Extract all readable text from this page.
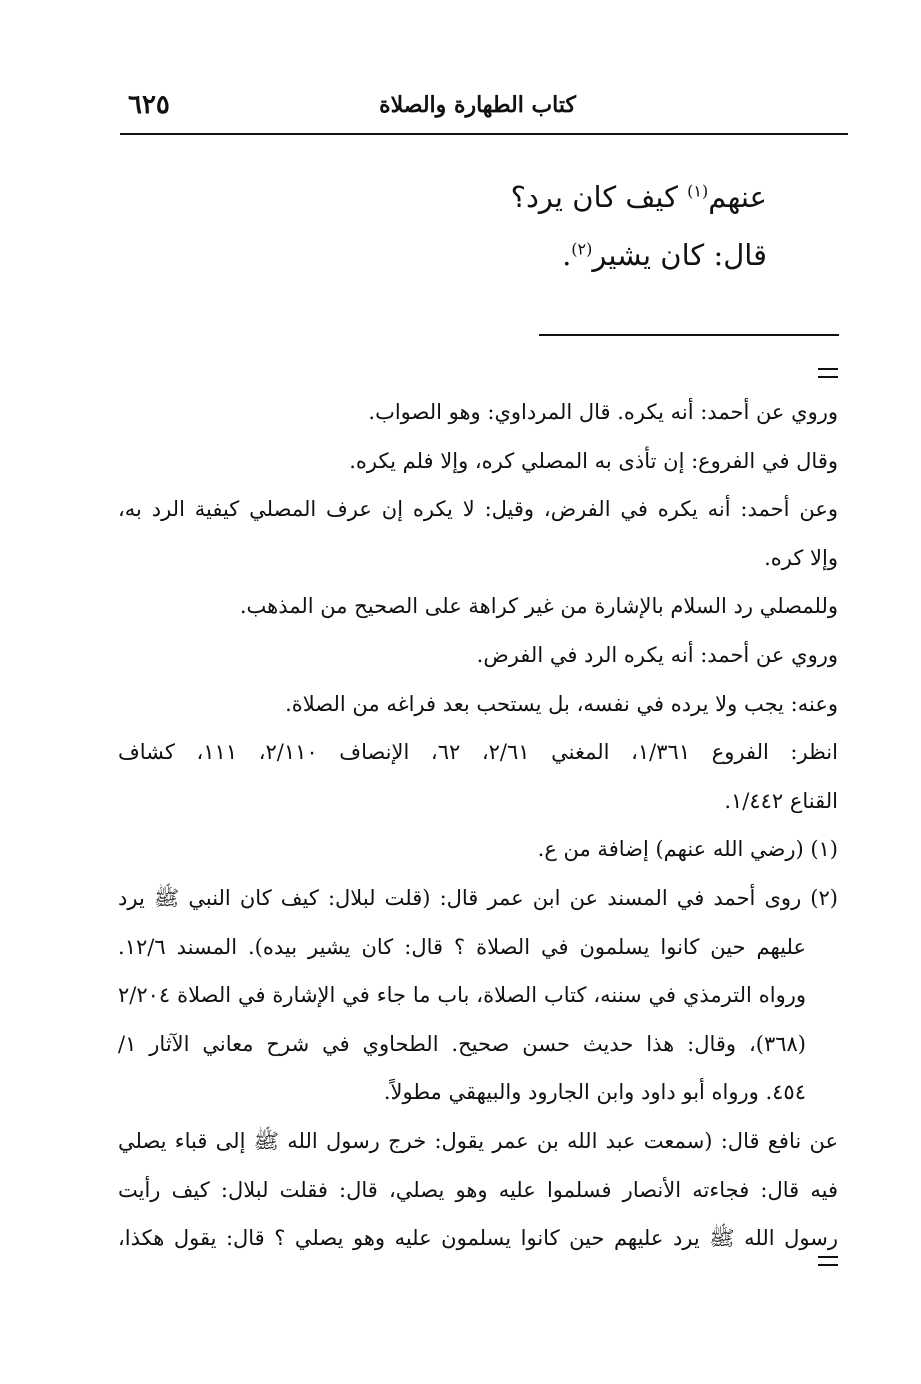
٦٢٥	كتاب الطهارة والصلاة
عنهم$^{(١)}$ كيف كان يرد؟
قال: كان يشير$^{(٢)}$.
وروي عن أحمد: أنه يكره. قال المرداوي: وهو الصواب.
وقال في الفروع: إن تأذى به المصلي كره، وإلا فلم يكره.
وعن أحمد: أنه يكره في الفرض، وقيل: لا يكره إن عرف المصلي كيفية الرد به،
وإلا كره.
وللمصلي رد السلام بالإشارة من غير كراهة على الصحيح من المذهب.
وروي عن أحمد: أنه يكره الرد في الفرض.
وعنه: يجب ولا يرده في نفسه، بل يستحب بعد فراغه من الصلاة.
انظر: الفروع ١/٣٦١، المغني ٢/٦١، ٦٢، الإنصاف ٢/١١٠، ١١١، كشاف
القناع ١/٤٤٢.
(١) (رضي الله عنهم) إضافة من ع.
(٢) روى أحمد في المسند عن ابن عمر قال: (قلت لبلال: كيف كان النبي ﷺ يرد
عليهم حين كانوا يسلمون في الصلاة ؟ قال: كان يشير بيده). المسند ١٢/٦.
ورواه الترمذي في سننه، كتاب الصلاة، باب ما جاء في الإشارة في الصلاة ٢/٢٠٤
(٣٦٨)، وقال: هذا حديث حسن صحيح. الطحاوي في شرح معاني الآثار ١/
٤٥٤. ورواه أبو داود وابن الجارود والبيهقي مطولاً.
عن نافع قال: (سمعت عبد الله بن عمر يقول: خرج رسول الله ﷺ إلى قباء يصلي
فيه قال: فجاءته الأنصار فسلموا عليه وهو يصلي، قال: فقلت لبلال: كيف رأيت
رسول الله ﷺ يرد عليهم حين كانوا يسلمون عليه وهو يصلي ؟ قال: يقول هكذا،
